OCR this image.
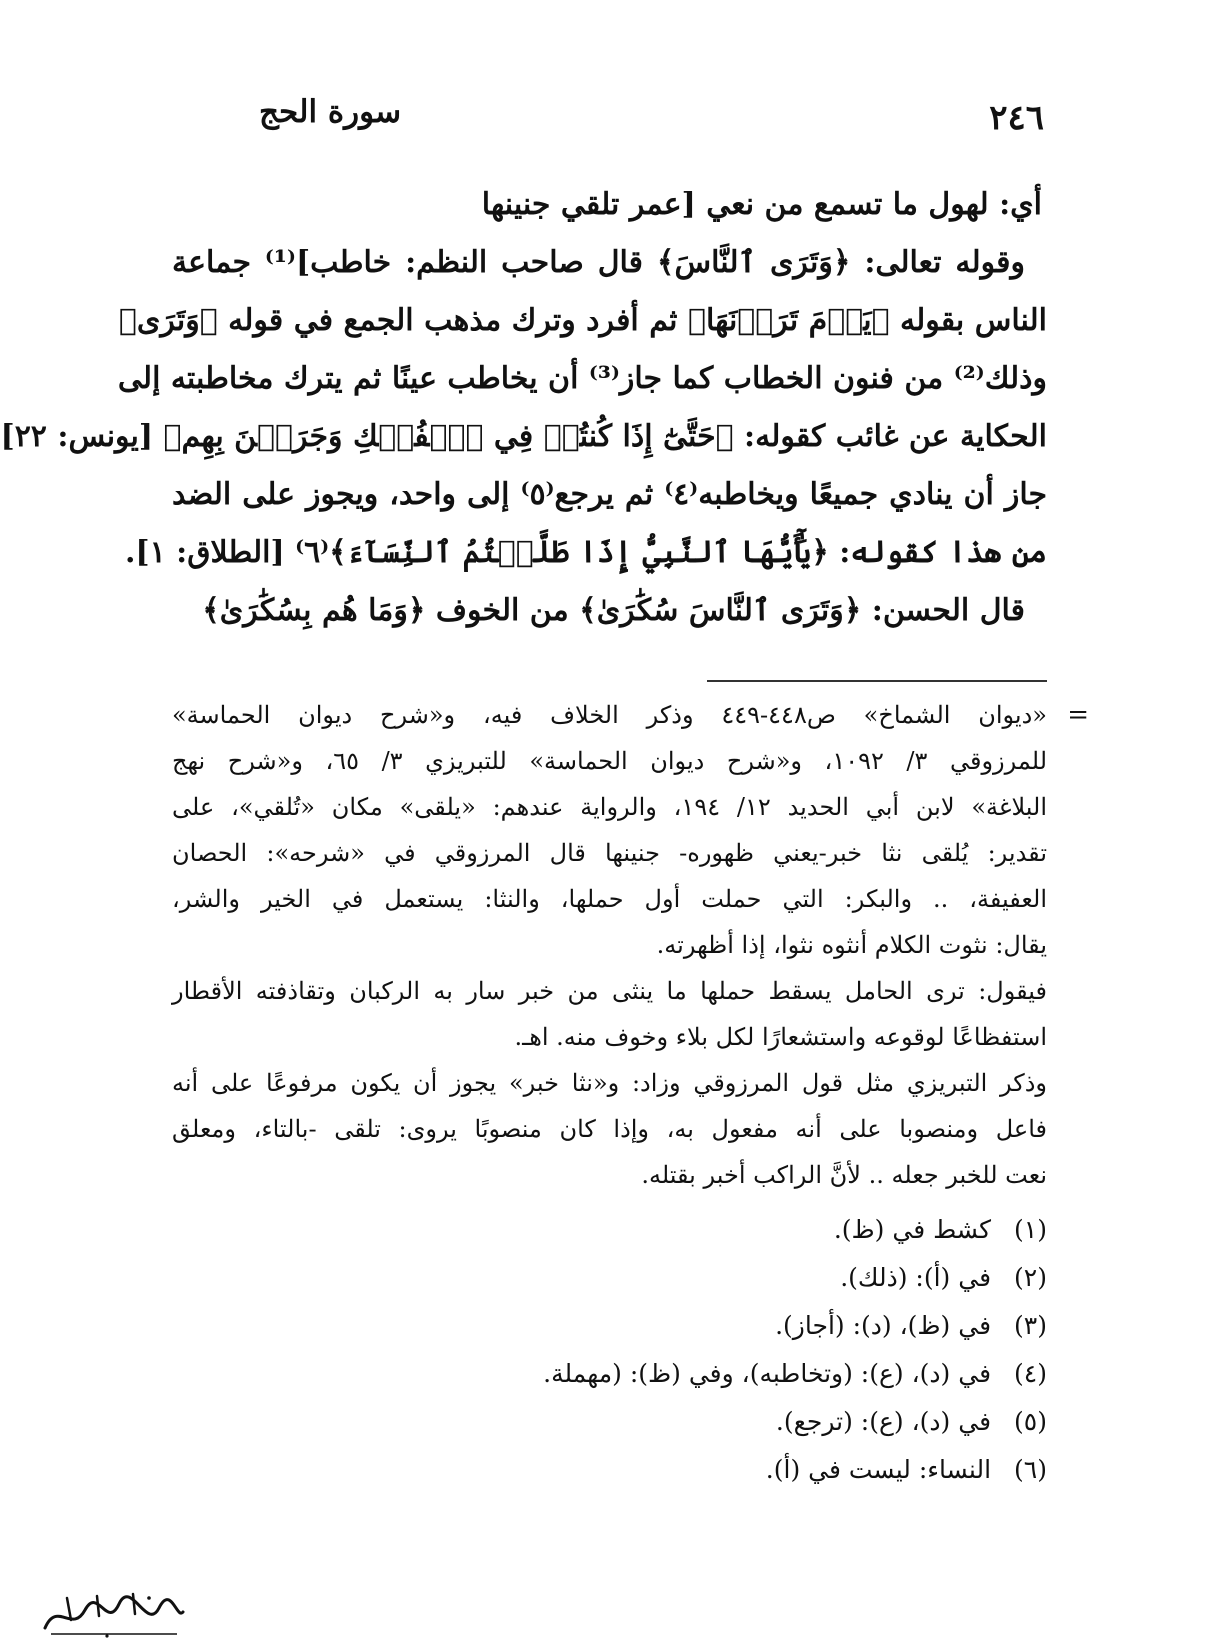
٢٤٦
سورة الحج
أي: لهول ما تسمع من نعي [عمر تلقي جنينها
وقوله تعالى: ﴿وَتَرَى ٱلنَّاسَ﴾ قال صاحب النظم: خاطب]⁽¹⁾ جماعة
الناس بقوله ﴿يَوۡمَ تَرَوۡنَهَا﴾ ثم أفرد وترك مذهب الجمع في قوله ﴿وَتَرَى﴾
وذلك⁽²⁾ من فنون الخطاب كما جاز⁽³⁾ أن يخاطب عينًا ثم يترك مخاطبته إلى
الحكاية عن غائب كقوله: ﴿حَتَّىٰٓ إِذَا كُنتُمۡ فِي ٱلۡفُلۡكِ وَجَرَيۡنَ بِهِم﴾ [يونس: ٢٢]
جاز أن ينادي جميعًا ويخاطبه⁽٤⁾ ثم يرجع⁽٥⁾ إلى واحد، ويجوز على الضد
من هذا كقوله: ﴿يَٰٓأَيُّهَا ٱلنَّبِيُّ إِذَا طَلَّقۡتُمُ ٱلنِّسَآءَ﴾⁽٦⁾ [الطلاق: ١].
قال الحسن: ﴿وَتَرَى ٱلنَّاسَ سُكَٰرَىٰ﴾ من الخوف ﴿وَمَا هُم بِسُكَٰرَىٰ﴾
=
«ديوان الشماخ» ص٤٤٨-٤٤٩ وذكر الخلاف فيه، و«شرح ديوان الحماسة»
للمرزوقي ٣/ ١٠٩٢، و«شرح ديوان الحماسة» للتبريزي ٣/ ٦٥، و«شرح نهج
البلاغة» لابن أبي الحديد ١٢/ ١٩٤، والرواية عندهم: «يلقى» مكان «تُلقي»، على
تقدير: يُلقى نثا خبر-يعني ظهوره- جنينها قال المرزوقي في «شرحه»: الحصان
العفيفة، .. والبكر: التي حملت أول حملها، والنثا: يستعمل في الخير والشر،
يقال: نثوت الكلام أنثوه نثوا، إذا أظهرته.
فيقول: ترى الحامل يسقط حملها ما ينثى من خبر سار به الركبان وتقاذفته الأقطار
استفظاعًا لوقوعه واستشعارًا لكل بلاء وخوف منه. اهـ.
وذكر التبريزي مثل قول المرزوقي وزاد: و«نثا خبر» يجوز أن يكون مرفوعًا على أنه
فاعل ومنصوبا على أنه مفعول به، وإذا كان منصوبًا يروى: تلقى -بالتاء، ومعلق
نعت للخبر جعله .. لأنَّ الراكب أخبر بقتله.
(١) كشط في (ظ).
(٢) في (أ): (ذلك).
(٣) في (ظ)، (د): (أجاز).
(٤) في (د)، (ع): (وتخاطبه)، وفي (ظ): (مهملة.
(٥) في (د)، (ع): (ترجع).
(٦) النساء: ليست في (أ).
